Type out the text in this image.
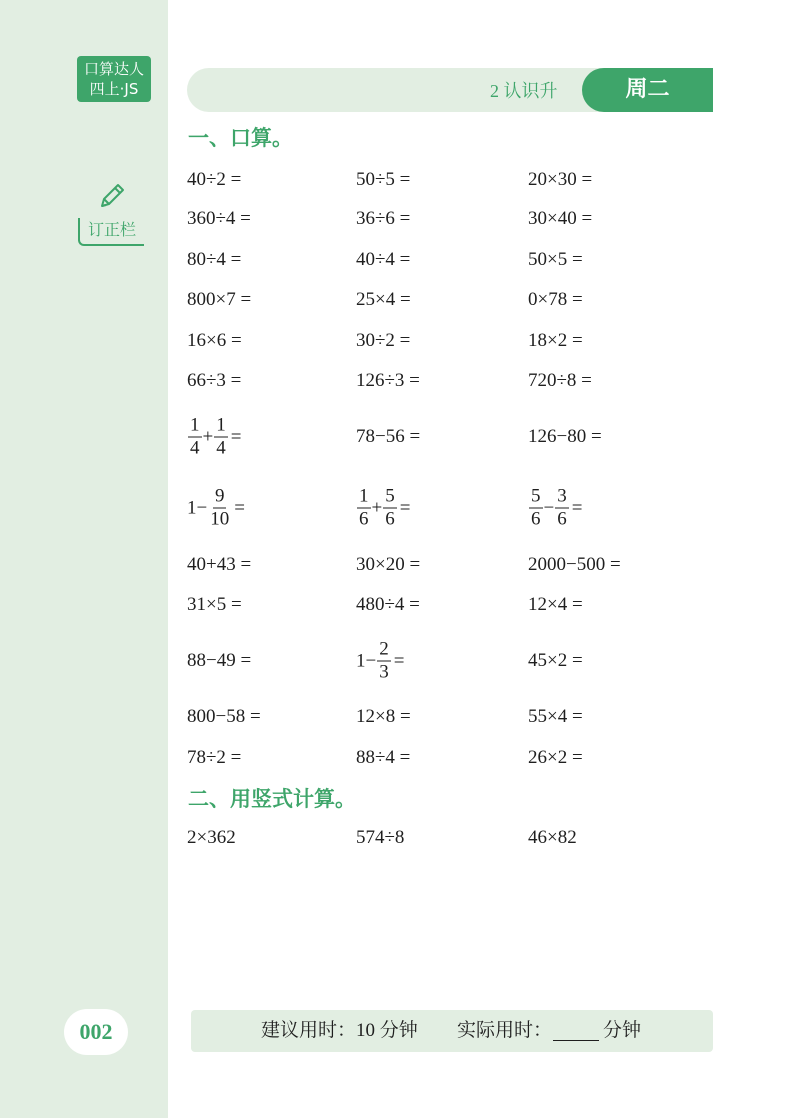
口算达人
四上·JS
订正栏
002
2 认识升	周二
一、口算。
40÷2 =	50÷5 =	20×30 =
360÷4 =	36÷6 =	30×40 =
80÷4 =	40÷4 =	50×5 =
800×7 =	25×4 =	0×78 =
16×6 =	30÷2 =	18×2 =
66÷3 =	126÷3 =	720÷8 =
$\frac{1}{4} + \frac{1}{4}$ =	78−56 =	126−80 =
$1- \frac{9}{10}$ =	$\frac{1}{6} + \frac{5}{6}$ =	$\frac{5}{6} - \frac{3}{6}$ =
40+43 =	30×20 =	2000−500 =
31×5 =	480÷4 =	12×4 =
88−49 =	$1- \frac{2}{3}$ =	45×2 =
800−58 =	12×8 =	55×4 =
78÷2 =	88÷4 =	26×2 =
二、用竖式计算。
2×362	574÷8	46×82
建议用时：10 分钟 实际用时：	分钟
